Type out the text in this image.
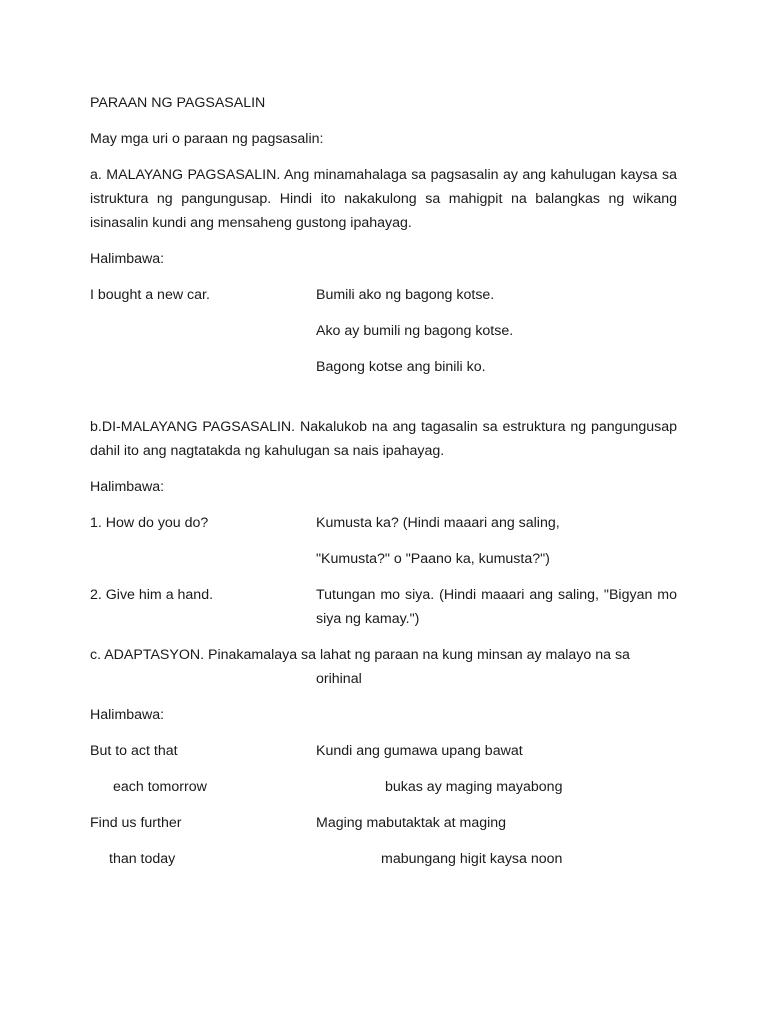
PARAAN NG PAGSASALIN

May mga uri o paraan ng pagsasalin:

a. MALAYANG PAGSASALIN. Ang minamahalaga sa pagsasalin ay ang kahulugan kaysa sa istruktura ng pangungusap. Hindi ito nakakulong sa mahigpit na balangkas ng wikang isinasalin kundi ang mensaheng gustong ipahayag.

Halimbawa:

I bought a new car.	Bumili ako ng bagong kotse.
Ako ay bumili ng bagong kotse.
Bagong kotse ang binili ko.

b.DI-MALAYANG PAGSASALIN. Nakalukob na ang tagasalin sa estruktura ng pangungusap dahil ito ang nagtatakda ng kahulugan sa nais ipahayag.

Halimbawa:

1. How do you do?	Kumusta ka? (Hindi maaari ang saling,
"Kumusta?" o "Paano ka, kumusta?")
2. Give him a hand.	Tutungan mo siya. (Hindi maaari ang saling, "Bigyan mo siya ng kamay.")

c. ADAPTASYON. Pinakamalaya sa lahat ng paraan na kung minsan ay malayo na sa

orihinal

Halimbawa:

But to act that	Kundi ang gumawa upang bawat
each tomorrow	bukas ay maging mayabong
Find us further	Maging mabutaktak at maging
than today	mabungang higit kaysa noon
